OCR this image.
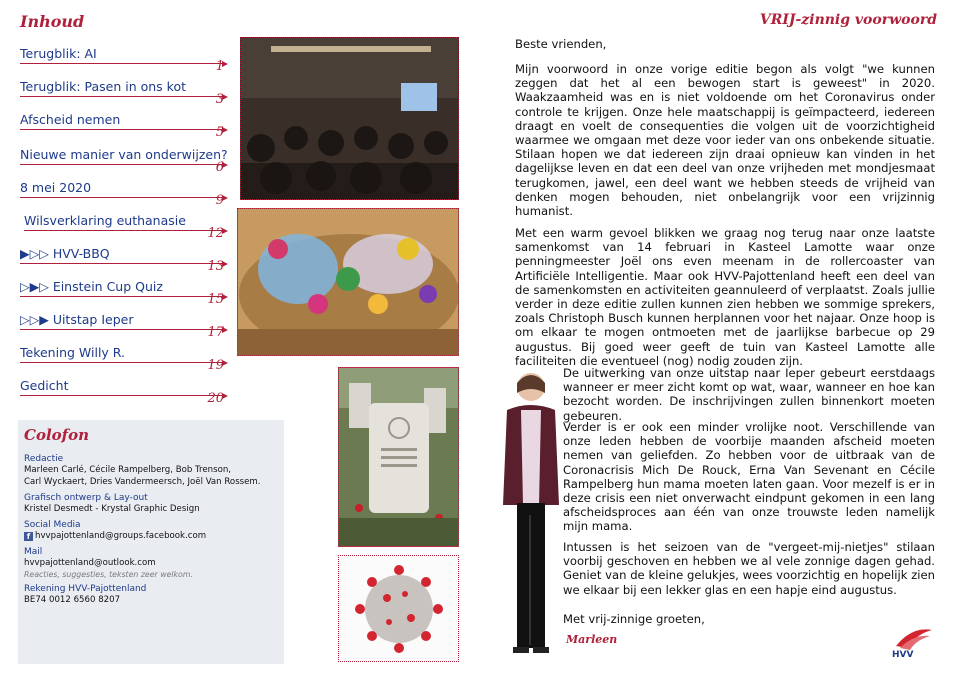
Inhoud
Terugblik: AI
1
Terugblik: Pasen in ons kot
3
Afscheid nemen
5
Nieuwe manier van onderwijzen?
6
8 mei 2020
9
Wilsverklaring euthanasie
12
▶▷▷ HVV-BBQ
13
▷▶▷ Einstein Cup Quiz
15
▷▷▶ Uitstap Ieper
17
Tekening Willy R.
19
Gedicht
20
Colofon
Redactie
Marleen Carlé, Cécile Rampelberg, Bob Trenson,
Carl Wyckaert, Dries Vandermeersch, Joël Van Rossem.
Grafisch ontwerp & Lay-out
Kristel Desmedt - Krystal Graphic Design
Social Media
f hvvpajottenland@groups.facebook.com
Mail
hvvpajottenland@outlook.com
Reacties, suggesties, teksten zeer welkom.
Rekening HVV-Pajottenland
BE74 0012 6560 8207
VRIJ-zinnig voorwoord
Beste vrienden,
Mijn voorwoord in onze vorige editie begon als volgt "we kunnen zeggen dat het al een bewogen start is geweest" in 2020. Waakzaamheid was en is niet voldoende om het Coronavirus onder controle te krijgen. Onze hele maatschappij is geïmpacteerd, iedereen draagt en voelt de consequenties die volgen uit de voorzichtigheid waarmee we omgaan met deze voor ieder van ons onbekende situatie. Stilaan hopen we dat iedereen zijn draai opnieuw kan vinden in het dagelijkse leven en dat een deel van onze vrijheden met mondjesmaat terugkomen, jawel, een deel want we hebben steeds de vrijheid van denken mogen behouden, niet onbelangrijk voor een vrijzinnig humanist.
Met een warm gevoel blikken we graag nog terug naar onze laatste samenkomst van 14 februari in Kasteel Lamotte waar onze penningmeester Joël ons even meenam in de rollercoaster van Artificiële Intelligentie. Maar ook HVV-Pajottenland heeft een deel van de samenkomsten en activiteiten geannuleerd of verplaatst. Zoals jullie verder in deze editie zullen kunnen zien hebben we sommige sprekers, zoals Christoph Busch kunnen herplannen voor het najaar. Onze hoop is om elkaar te mogen ontmoeten met de jaarlijkse barbecue op 29 augustus. Bij goed weer geeft de tuin van Kasteel Lamotte alle faciliteiten die eventueel (nog) nodig zouden zijn.
De uitwerking van onze uitstap naar Ieper gebeurt eerstdaags wanneer er meer zicht komt op wat, waar, wanneer en hoe kan bezocht worden. De inschrijvingen zullen binnenkort moeten gebeuren.
Verder is er ook een minder vrolijke noot. Verschillende van onze leden hebben de voorbije maanden afscheid moeten nemen van geliefden. Zo hebben voor de uitbraak van de Coronacrisis Mich De Rouck, Erna Van Sevenant en Cécile Rampelberg hun mama moeten laten gaan. Voor mezelf is er in deze crisis een niet onverwacht eindpunt gekomen in een lang afscheidsproces aan één van onze trouwste leden namelijk mijn mama.
Intussen is het seizoen van de "vergeet-mij-nietjes" stilaan voorbij geschoven en hebben we al vele zonnige dagen gehad. Geniet van de kleine gelukjes, wees voorzichtig en hopelijk zien we elkaar bij een lekker glas en een hapje eind augustus.
Met vrij-zinnige groeten,
Marleen
HVV
